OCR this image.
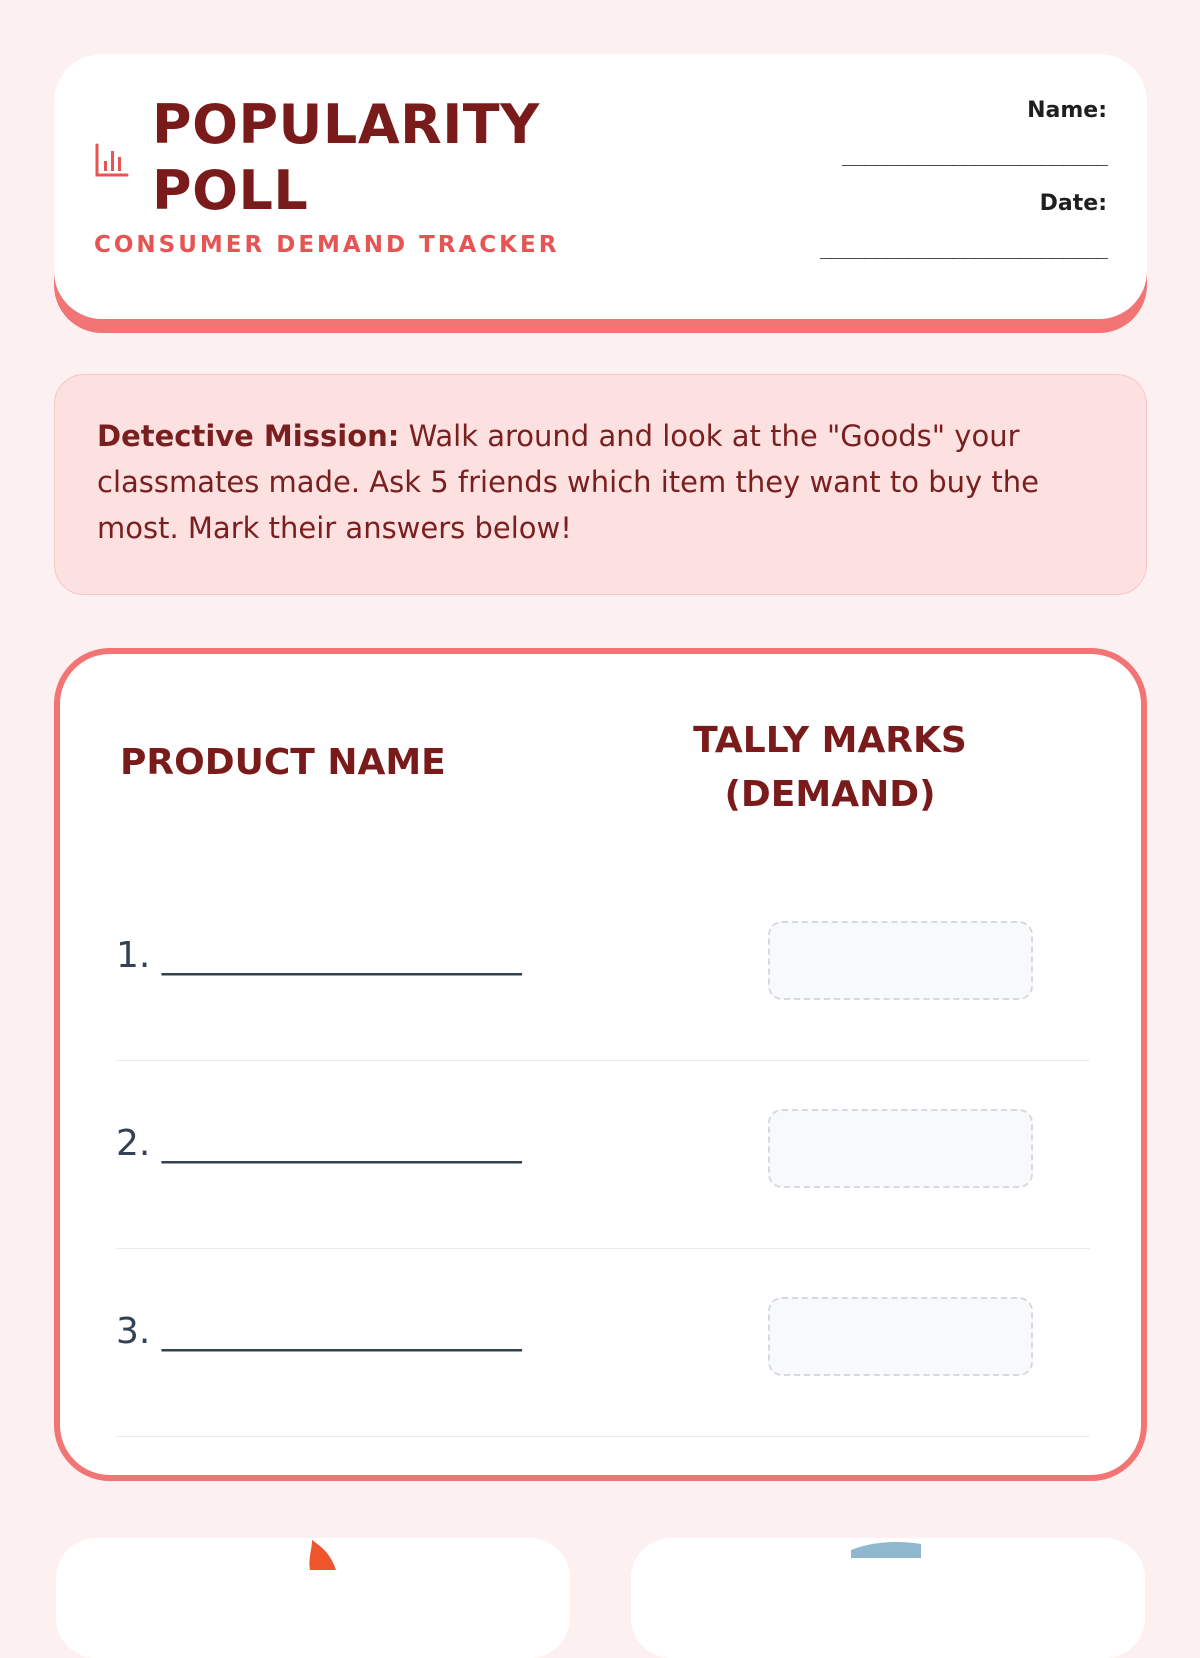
POPULARITY POLL
CONSUMER DEMAND TRACKER
Name:
________________________
Date:
__________________________
Detective Mission: Walk around and look at the "Goods" your classmates made. Ask 5 friends which item they want to buy the most. Mark their answers below!
PRODUCT NAME
TALLY MARKS (DEMAND)
1. ____________________
2. ____________________
3. ____________________
